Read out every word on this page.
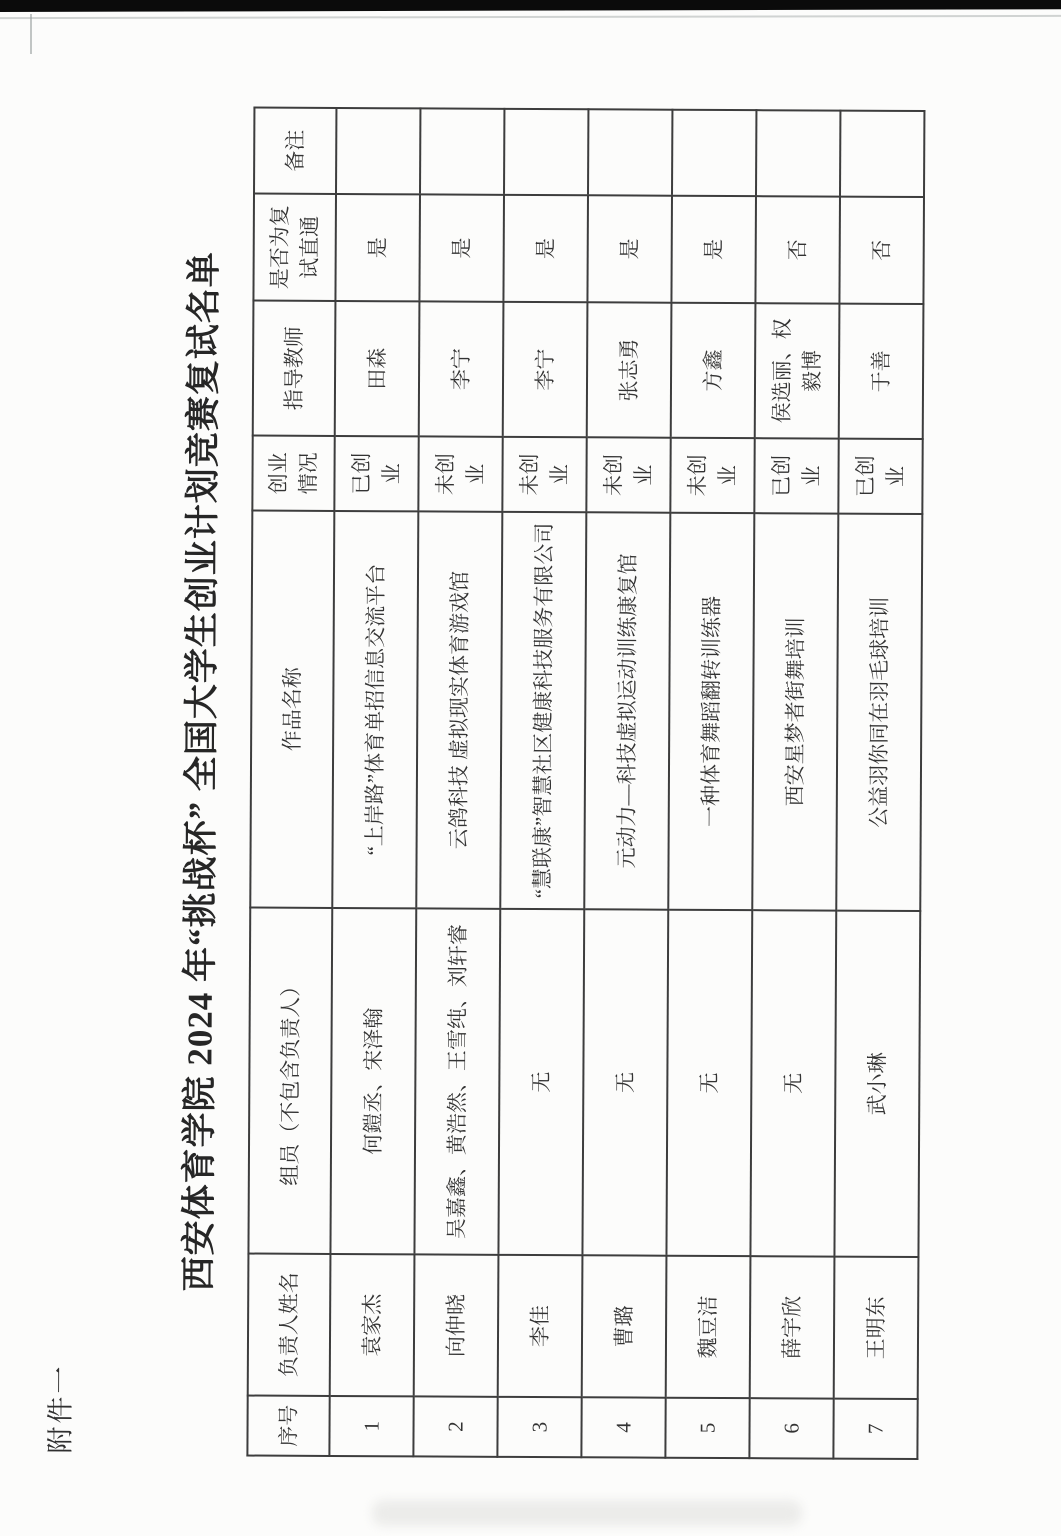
附件一
西安体育学院 2024 年“挑战杯” 全国大学生创业计划竞赛复试名单
序号	负责人姓名	组员（不包含负责人）	作品名称	创业情况	指导教师	是否为复试直通	备注
1	袁家杰	何鎧丞、宋泽翰	“上岸路”体育单招信息交流平台	已创业	田森	是	
2	向仲晓	吴嘉鑫、黄浩然、王雪纯、刘轩睿	云鸽科技 虚拟现实体育游戏馆	未创业	李宁	是	
3	李佳	无	“慧联康”智慧社区健康科技服务有限公司	未创业	李宁	是	
4	曹璐	无	元动力—科技虚拟运动训练康复馆	未创业	张志勇	是	
5	魏豆洁	无	一种体育舞蹈翻转训练器	未创业	方鑫	是	
6	薛宇欣	无	西安星梦者街舞培训	已创业	侯选丽、权毅博	否	
7	王明东	武小琳	公益羽你同在羽毛球培训	已创业	于善	否	
